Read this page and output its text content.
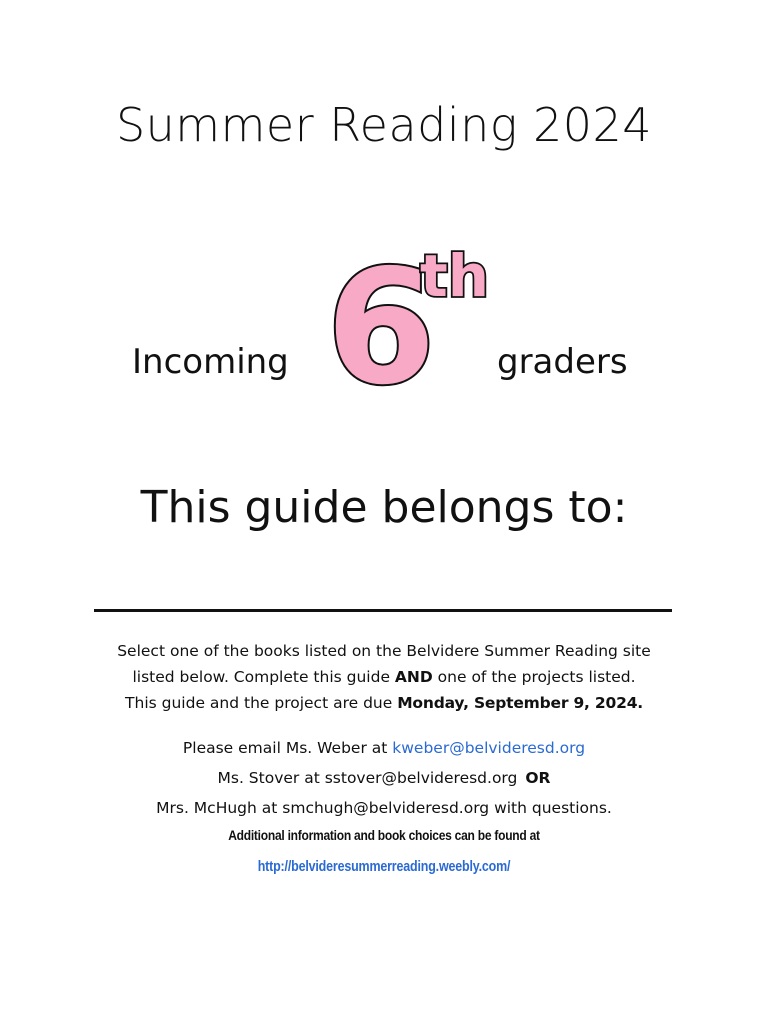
Summer Reading 2024
Incoming 6
th
graders
This guide belongs to:
Select one of the books listed on the Belvidere Summer Reading site
listed below. Complete this guide AND one of the projects listed.
This guide and the project are due Monday, September 9, 2024.
Please email Ms. Weber at kweber@belvideresd.org
Ms. Stover at sstover@belvideresd.org OR
Mrs. McHugh at smchugh@belvideresd.org with questions.
Additional information and book choices can be found at
http://belvideresummerreading.weebly.com/
